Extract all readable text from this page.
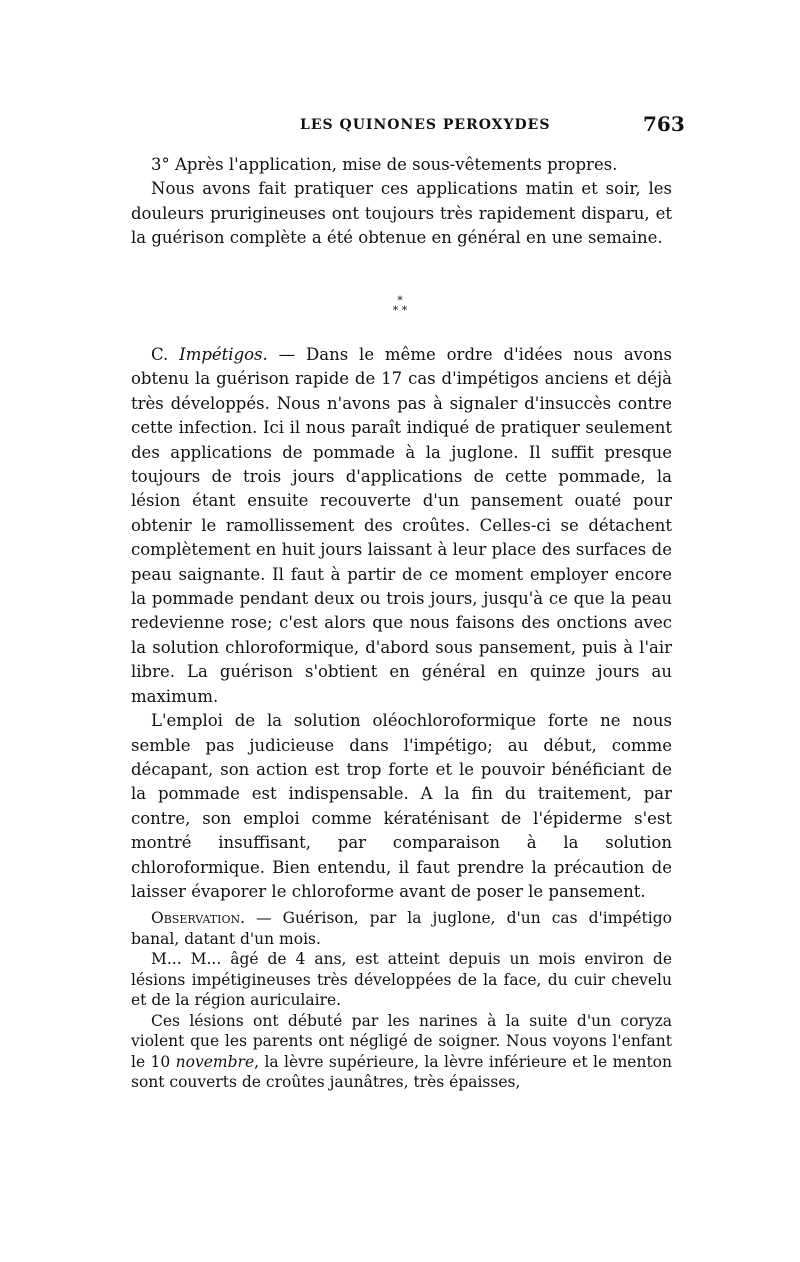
LES QUINONES PEROXYDES	763

3° Après l'application, mise de sous-vêtements propres.

Nous avons fait pratiquer ces applications matin et soir, les douleurs prurigineuses ont toujours très rapidement disparu, et la guérison complète a été obtenue en général en une semaine.

*
* *

C. Impétigos. — Dans le même ordre d'idées nous avons obtenu la guérison rapide de 17 cas d'impétigos anciens et déjà très développés. Nous n'avons pas à signaler d'insuccès contre cette infection. Ici il nous paraît indiqué de pratiquer seulement des applications de pommade à la juglone. Il suffit presque toujours de trois jours d'applications de cette pommade, la lésion étant ensuite recouverte d'un pansement ouaté pour obtenir le ramollissement des croûtes. Celles-ci se détachent complètement en huit jours laissant à leur place des surfaces de peau saignante. Il faut à partir de ce moment employer encore la pommade pendant deux ou trois jours, jusqu'à ce que la peau redevienne rose; c'est alors que nous faisons des onctions avec la solution chloroformique, d'abord sous pansement, puis à l'air libre. La guérison s'obtient en général en quinze jours au maximum.

L'emploi de la solution oléochloroformique forte ne nous semble pas judicieuse dans l'impétigo; au début, comme décapant, son action est trop forte et le pouvoir bénéficiant de la pommade est indispensable. A la fin du traitement, par contre, son emploi comme kératénisant de l'épiderme s'est montré insuffisant, par comparaison à la solution chloroformique. Bien entendu, il faut prendre la précaution de laisser évaporer le chloroforme avant de poser le pansement.

Observation. — Guérison, par la juglone, d'un cas d'impétigo banal, datant d'un mois.

M... M... âgé de 4 ans, est atteint depuis un mois environ de lésions impétigineuses très développées de la face, du cuir chevelu et de la région auriculaire.

Ces lésions ont débuté par les narines à la suite d'un coryza violent que les parents ont négligé de soigner. Nous voyons l'enfant le 10 novembre, la lèvre supérieure, la lèvre inférieure et le menton sont couverts de croûtes jaunâtres, très épaisses,
